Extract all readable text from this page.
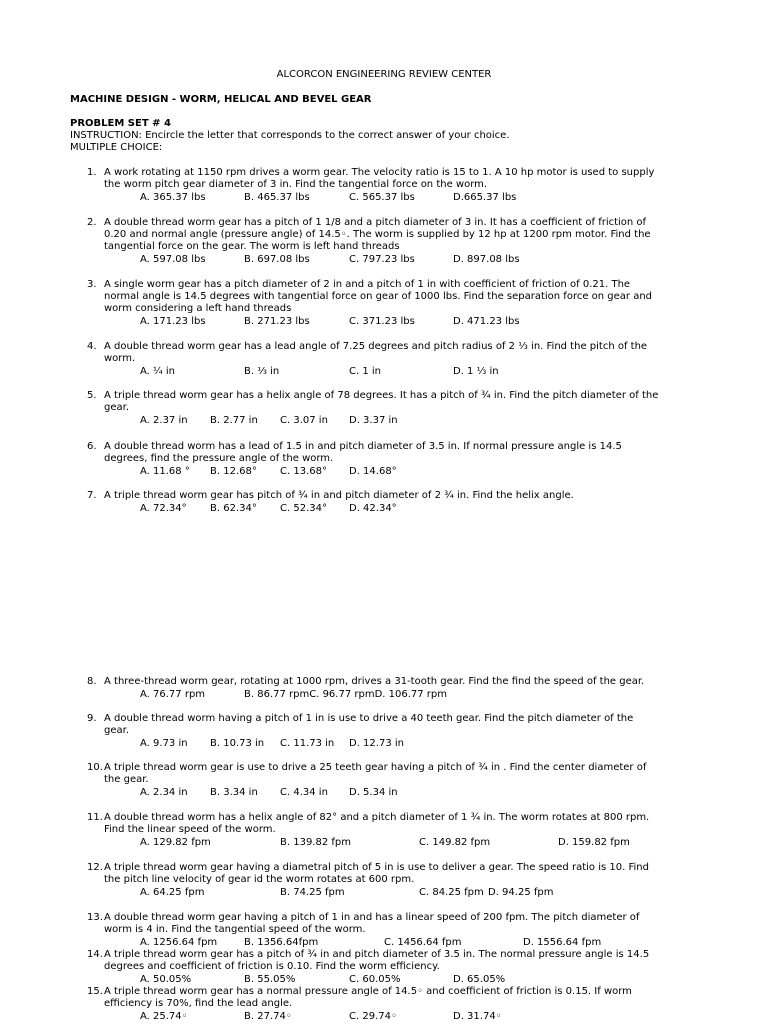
ALCORCON ENGINEERING REVIEW CENTER
MACHINE DESIGN - WORM, HELICAL AND BEVEL GEAR
PROBLEM SET # 4
INSTRUCTION: Encircle the letter that corresponds to the correct answer of your choice.
MULTIPLE CHOICE:
1. A work rotating at 1150 rpm drives a worm gear. The velocity ratio is 15 to 1. A 10 hp motor is used to supply
the worm pitch gear diameter of 3 in. Find the tangential force on the worm.
A. 365.37 lbs	B. 465.37 lbs	C. 565.37 lbs	D.665.37 lbs
2. A double thread worm gear has a pitch of 1 1/8 and a pitch diameter of 3 in. It has a coefficient of friction of
0.20 and normal angle (pressure angle) of 14.5◦. The worm is supplied by 12 hp at 1200 rpm motor. Find the
tangential force on the gear. The worm is left hand threads
A. 597.08 lbs	B. 697.08 lbs	C. 797.23 lbs	D. 897.08 lbs
3. A single worm gear has a pitch diameter of 2 in and a pitch of 1 in with coefficient of friction of 0.21. The
normal angle is 14.5 degrees with tangential force on gear of 1000 lbs. Find the separation force on gear and
worm considering a left hand threads
A. 171.23 lbs	B. 271.23 lbs	C. 371.23 lbs	D. 471.23 lbs
4. A double thread worm gear has a lead angle of 7.25 degrees and pitch radius of 2 ⅓ in. Find the pitch of the
worm.
A. ¼ in	B. ⅓ in	C. 1 in	D. 1 ⅓ in
5. A triple thread worm gear has a helix angle of 78 degrees. It has a pitch of ¾ in. Find the pitch diameter of the
gear.
A. 2.37 in B. 2.77 in C. 3.07 in D. 3.37 in
6. A double thread worm has a lead of 1.5 in and pitch diameter of 3.5 in. If normal pressure angle is 14.5
degrees, find the pressure angle of the worm.
A. 11.68 ° B. 12.68° C. 13.68° D. 14.68°
7. A triple thread worm gear has pitch of ¾ in and pitch diameter of 2 ¾ in. Find the helix angle.
A. 72.34° B. 62.34° C. 52.34° D. 42.34°
8. A three-thread worm gear, rotating at 1000 rpm, drives a 31-tooth gear. Find the find the speed of the gear.
A. 76.77 rpm	B. 86.77 rpmC. 96.77 rpmD. 106.77 rpm
9. A double thread worm having a pitch of 1 in is use to drive a 40 teeth gear. Find the pitch diameter of the
gear.
A. 9.73 in B. 10.73 in C. 11.73 in D. 12.73 in
10. A triple thread worm gear is use to drive a 25 teeth gear having a pitch of ¾ in . Find the center diameter of
the gear.
A. 2.34 in B. 3.34 in C. 4.34 in D. 5.34 in
11. A double thread worm has a helix angle of 82° and a pitch diameter of 1 ¾ in. The worm rotates at 800 rpm.
Find the linear speed of the worm.
A. 129.82 fpm	B. 139.82 fpm	C. 149.82 fpm	D. 159.82 fpm
12. A triple thread worm gear having a diametral pitch of 5 in is use to deliver a gear. The speed ratio is 10. Find
the pitch line velocity of gear id the worm rotates at 600 rpm.
A. 64.25 fpm	B. 74.25 fpm	C. 84.25 fpm D. 94.25 fpm
13. A double thread worm gear having a pitch of 1 in and has a linear speed of 200 fpm. The pitch diameter of
worm is 4 in. Find the tangential speed of the worm.
A. 1256.64 fpm	B. 1356.64fpm	C. 1456.64 fpm	D. 1556.64 fpm
14. A triple thread worm gear has a pitch of ¾ in and pitch diameter of 3.5 in. The normal pressure angle is 14.5
degrees and coefficient of friction is 0.10. Find the worm efficiency.
A. 50.05%	B. 55.05%	C. 60.05%	D. 65.05%
15. A triple thread worm gear has a normal pressure angle of 14.5◦ and coefficient of friction is 0.15. If worm
efficiency is 70%, find the lead angle.
A. 25.74◦	B. 27.74◦	C. 29.74◦	D. 31.74◦
